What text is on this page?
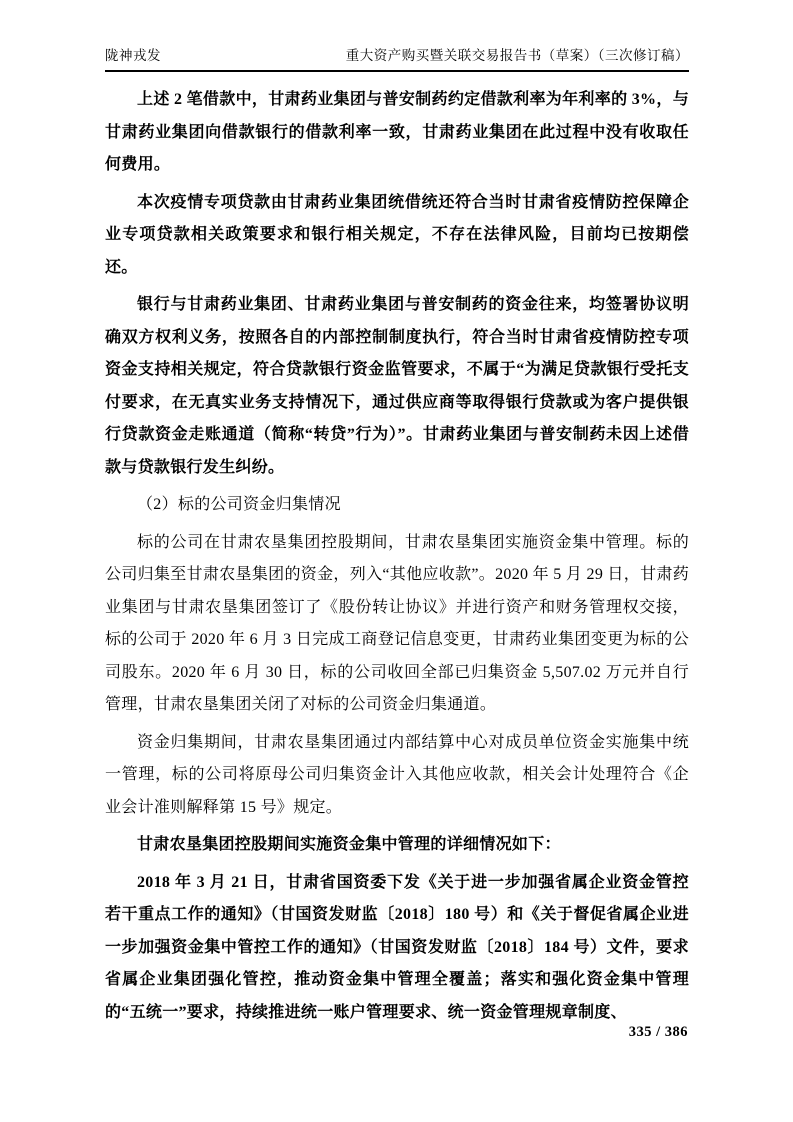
陇神戎发	重大资产购买暨关联交易报告书（草案）（三次修订稿）

上述 2 笔借款中，甘肃药业集团与普安制药约定借款利率为年利率的 3%，与甘肃药业集团向借款银行的借款利率一致，甘肃药业集团在此过程中没有收取任何费用。

本次疫情专项贷款由甘肃药业集团统借统还符合当时甘肃省疫情防控保障企业专项贷款相关政策要求和银行相关规定，不存在法律风险，目前均已按期偿还。

银行与甘肃药业集团、甘肃药业集团与普安制药的资金往来，均签署协议明确双方权利义务，按照各自的内部控制制度执行，符合当时甘肃省疫情防控专项资金支持相关规定，符合贷款银行资金监管要求，不属于“为满足贷款银行受托支付要求，在无真实业务支持情况下，通过供应商等取得银行贷款或为客户提供银行贷款资金走账通道（简称“转贷”行为）”。甘肃药业集团与普安制药未因上述借款与贷款银行发生纠纷。

（2）标的公司资金归集情况

标的公司在甘肃农垦集团控股期间，甘肃农垦集团实施资金集中管理。标的公司归集至甘肃农垦集团的资金，列入“其他应收款”。2020 年 5 月 29 日，甘肃药业集团与甘肃农垦集团签订了《股份转让协议》并进行资产和财务管理权交接，标的公司于 2020 年 6 月 3 日完成工商登记信息变更，甘肃药业集团变更为标的公司股东。2020 年 6 月 30 日，标的公司收回全部已归集资金 5,507.02 万元并自行管理，甘肃农垦集团关闭了对标的公司资金归集通道。

资金归集期间，甘肃农垦集团通过内部结算中心对成员单位资金实施集中统一管理，标的公司将原母公司归集资金计入其他应收款，相关会计处理符合《企业会计准则解释第 15 号》规定。

甘肃农垦集团控股期间实施资金集中管理的详细情况如下：

2018 年 3 月 21 日，甘肃省国资委下发《关于进一步加强省属企业资金管控若干重点工作的通知》（甘国资发财监〔2018〕180 号）和《关于督促省属企业进一步加强资金集中管控工作的通知》（甘国资发财监〔2018〕184 号）文件，要求省属企业集团强化管控，推动资金集中管理全覆盖；落实和强化资金集中管理的“五统一”要求，持续推进统一账户管理要求、统一资金管理规章制度、

335 / 386
